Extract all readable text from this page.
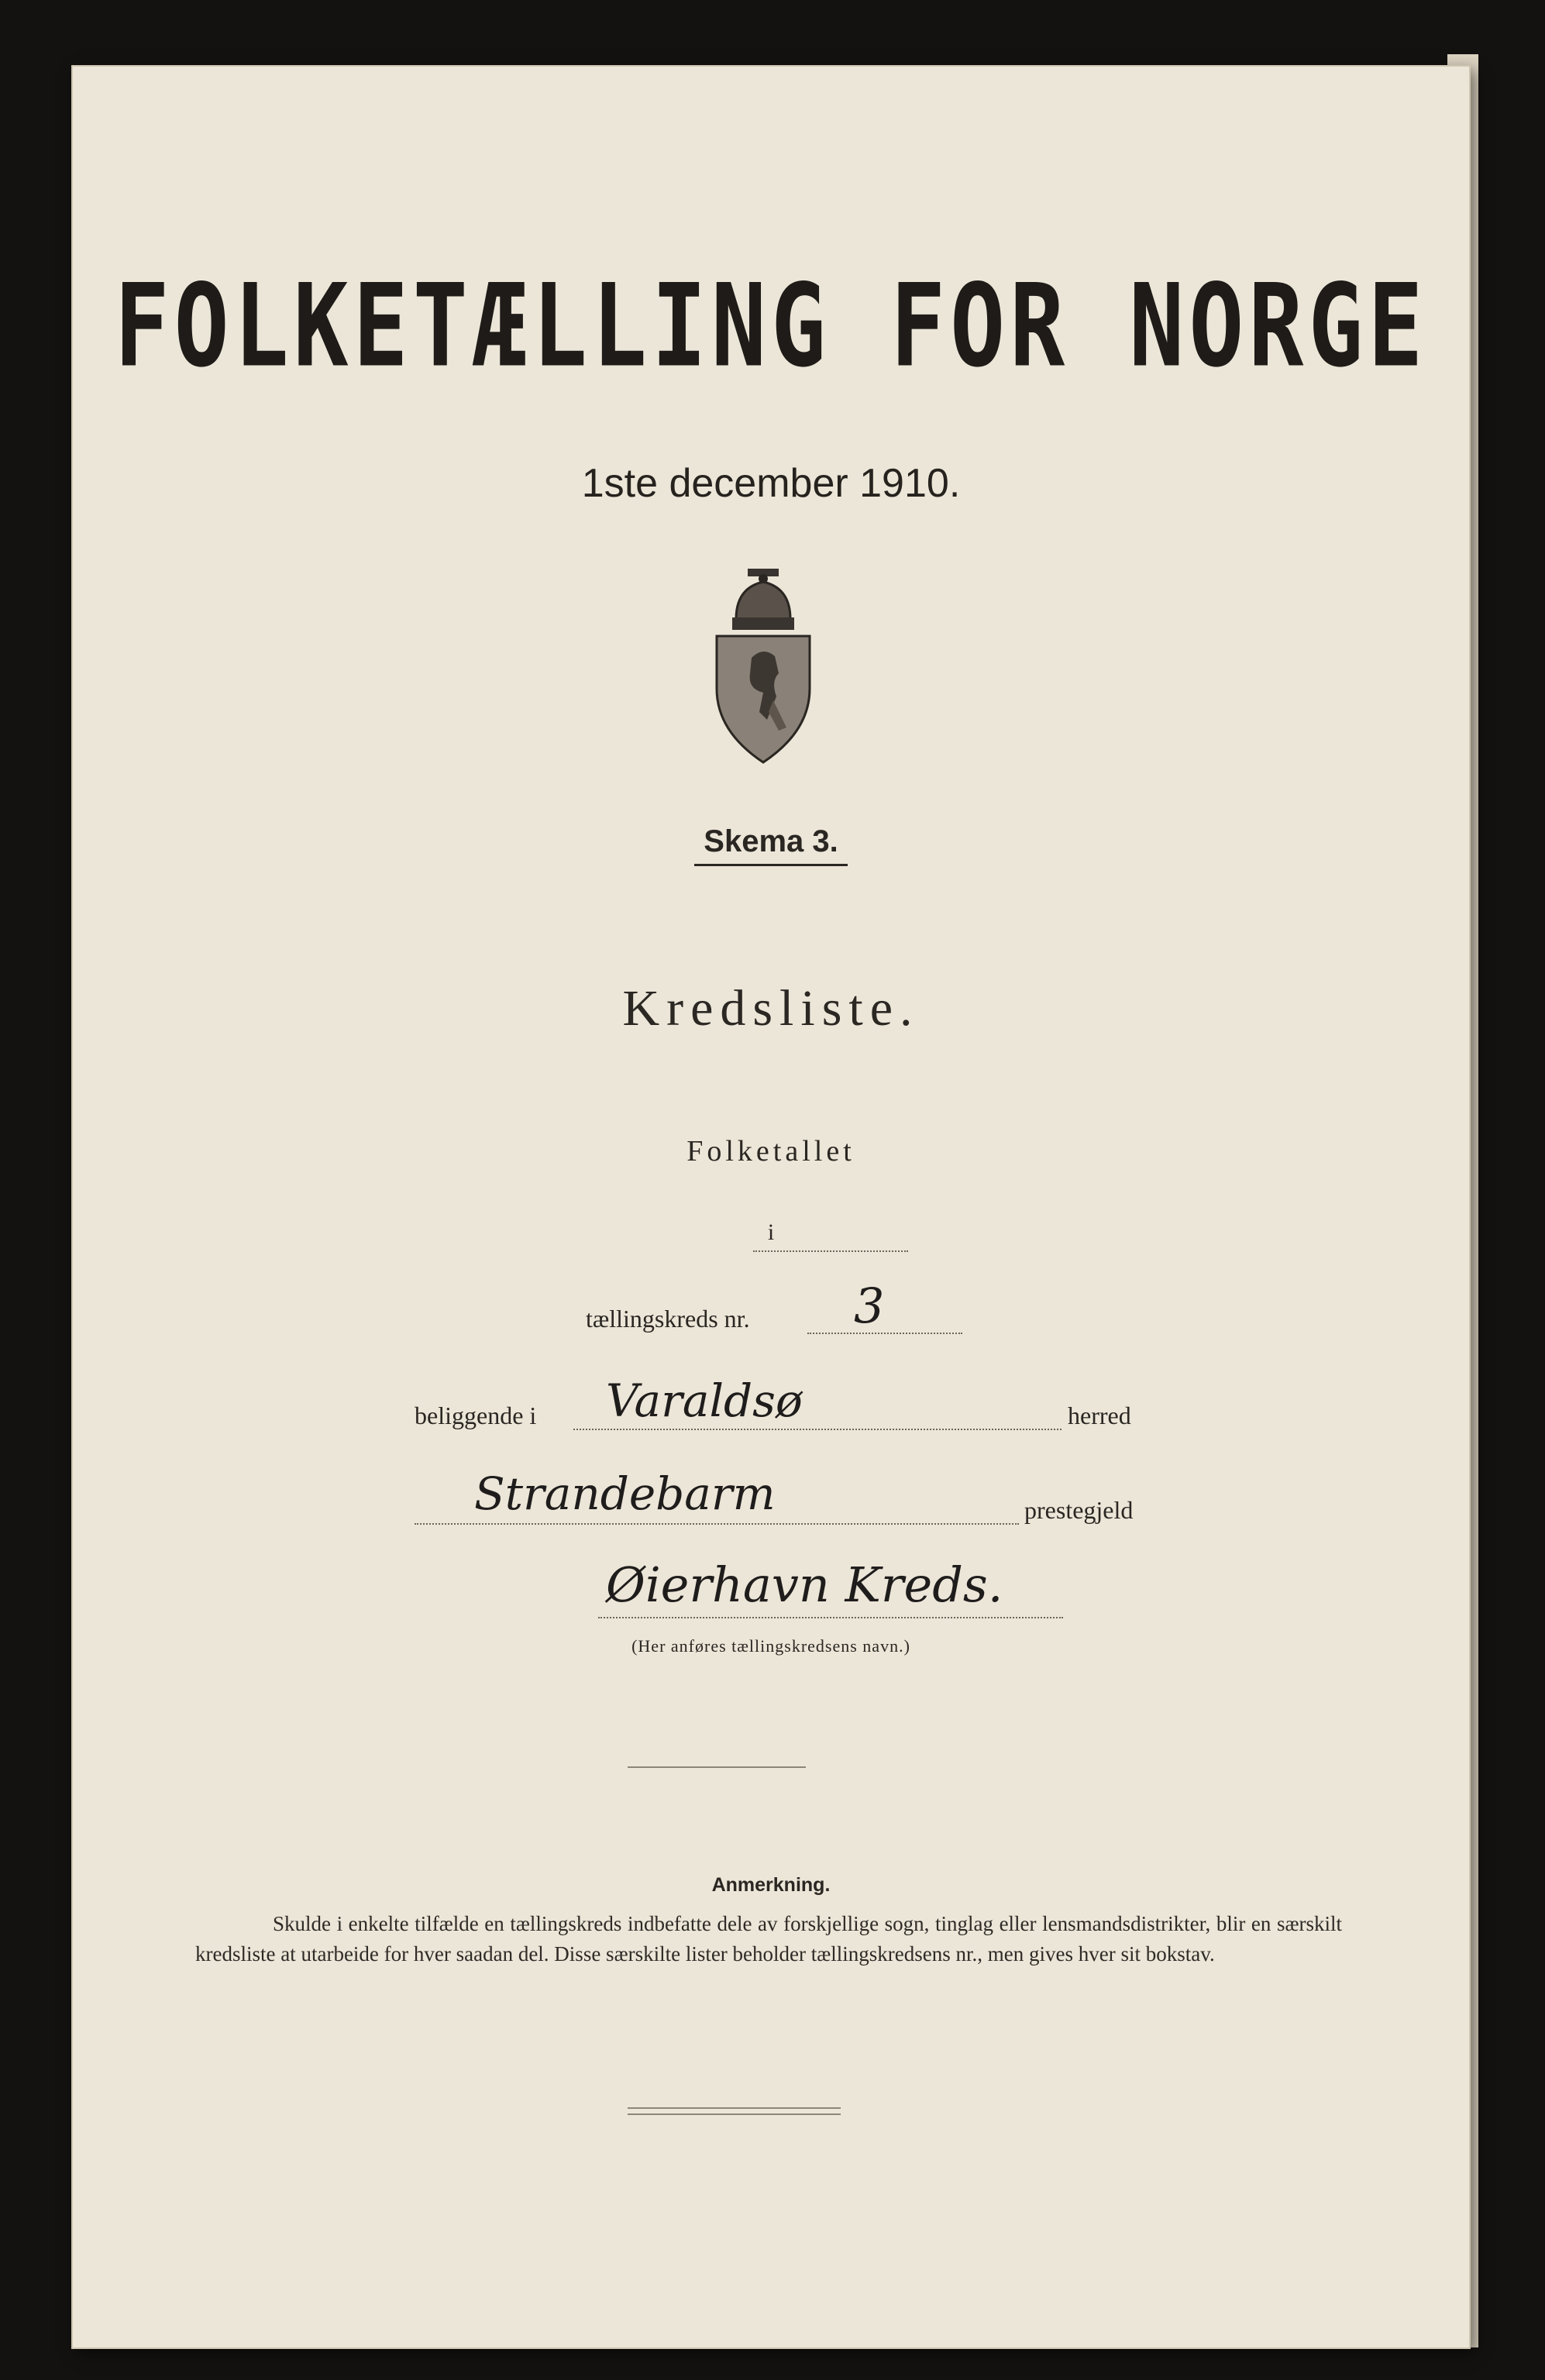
FOLKETÆLLING FOR NORGE
1ste december 1910.
Skema 3.
Kredsliste.
Folketallet
i
tællingskreds nr. 3
beliggende i Varaldsø	herred
Strandebarm	prestegjeld
Øierhavn Kreds.
(Her anføres tællingskredsens navn.)
Anmerkning.

Skulde i enkelte tilfælde en tællingskreds indbefatte dele av forskjellige sogn, tinglag eller lensmandsdistrikter, blir en særskilt kredsliste at utarbeide for hver saadan del. Disse særskilte lister beholder tællingskredsens nr., men gives hver sit bokstav.
